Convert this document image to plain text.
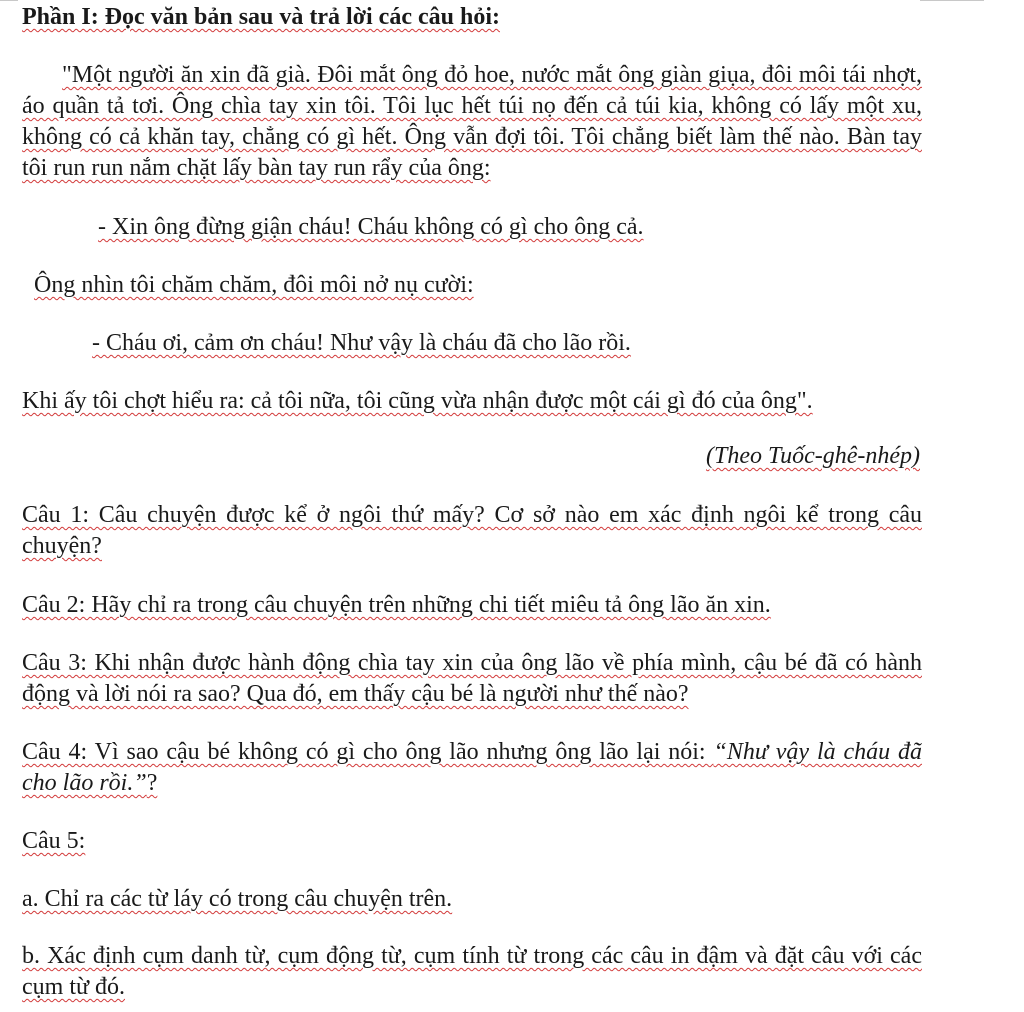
Phần I: Đọc văn bản sau và trả lời các câu hỏi:

"Một người ăn xin đã già. Đôi mắt ông đỏ hoe, nước mắt ông giàn giụa, đôi môi tái nhợt, áo quần tả tơi. Ông chìa tay xin tôi. Tôi lục hết túi nọ đến cả túi kia, không có lấy một xu, không có cả khăn tay, chẳng có gì hết. Ông vẫn đợi tôi. Tôi chẳng biết làm thế nào. Bàn tay tôi run run nắm chặt lấy bàn tay run rẩy của ông:

- Xin ông đừng giận cháu! Cháu không có gì cho ông cả.

Ông nhìn tôi chăm chăm, đôi môi nở nụ cười:

- Cháu ơi, cảm ơn cháu! Như vậy là cháu đã cho lão rồi.

Khi ấy tôi chợt hiểu ra: cả tôi nữa, tôi cũng vừa nhận được một cái gì đó của ông".

(Theo Tuốc-ghê-nhép)

Câu 1: Câu chuyện được kể ở ngôi thứ mấy? Cơ sở nào em xác định ngôi kể trong câu chuyện?

Câu 2: Hãy chỉ ra trong câu chuyện trên những chi tiết miêu tả ông lão ăn xin.

Câu 3: Khi nhận được hành động chìa tay xin của ông lão về phía mình, cậu bé đã có hành động và lời nói ra sao? Qua đó, em thấy cậu bé là người như thế nào?

Câu 4: Vì sao cậu bé không có gì cho ông lão nhưng ông lão lại nói: “Như vậy là cháu đã cho lão rồi.”?

Câu 5:

a. Chỉ ra các từ láy có trong câu chuyện trên.

b. Xác định cụm danh từ, cụm động từ, cụm tính từ trong các câu in đậm và đặt câu với các cụm từ đó.
